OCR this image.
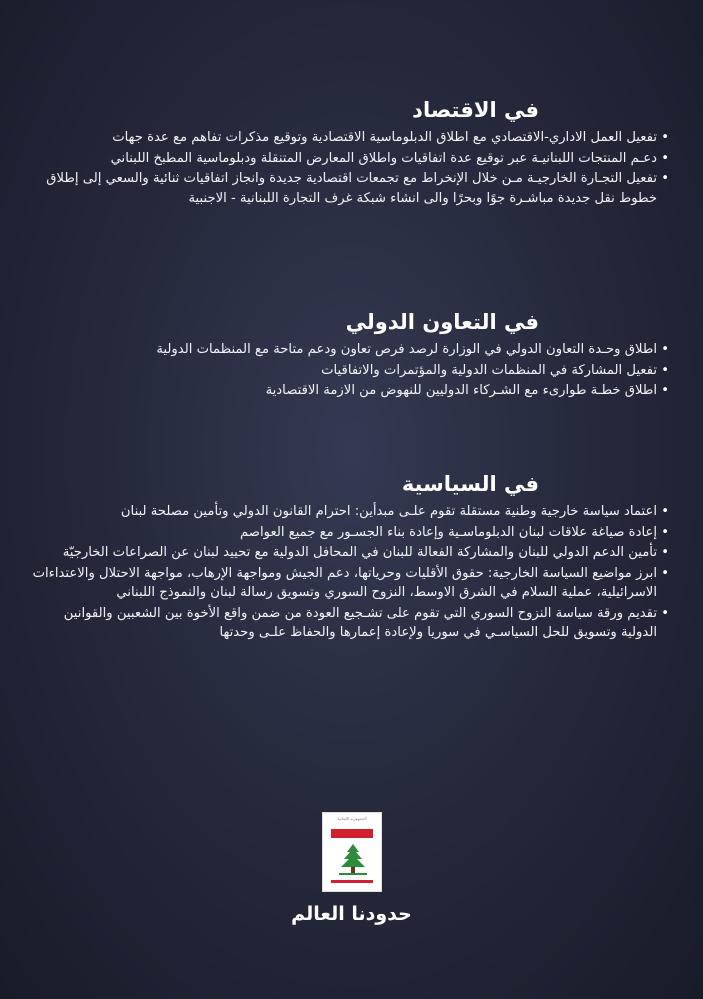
في الاقتصاد
• تفعيل العمل الاداري-الاقتصادي مع اطلاق الدبلوماسية الاقتصادية وتوقيع مذكرات تفاهم مع عدة جهات
• دعـم المنتجات اللبنانيـة عبر توقيع عدة اتفاقيات واطلاق المعارض المتنقلة ودبلوماسية المطبخ اللبناني
• تفعيل التجـارة الخارجيـة مـن خلال الإنخراط مع تجمعات اقتصادية جديدة وانجاز اتفاقيات ثنائية والسعي إلى إطلاق خطوط نقل جديدة مباشـرة جوًا وبحرًا والى انشاء شبكة غرف التجارة اللبنانية - الاجنبية
في التعاون الدولي
• اطلاق وحـدة التعاون الدولي في الوزارة لرصد فرص تعاون ودعم متاحة مع المنظمات الدولية
• تفعيل المشاركة في المنظمات الدولية والمؤتمرات والاتفاقيات
• اطلاق خطـة طوارىء مع الشـركاء الدوليين للنهوض من الازمة الاقتصادية
في السياسية
• اعتماد سياسة خارجية وطنية مستقلة تقوم علـى مبدأين: احترام القانون الدولي وتأمين مصلحة لبنان
• إعادة صياغة علاقات لبنان الدبلوماسـية وإعادة بناء الجسـور مع جميع العواصم
• تأمين الدعم الدولي للبنان والمشاركة الفعالة للبنان في المحافل الدولية مع تحييد لبنان عن الصراعات الخارجيّة
• ابرز مواضيع السياسة الخارجية: حقوق الأقليات وحرياتها، دعم الجيش ومواجهة الإرهاب، مواجهة الاحتلال والاعتداءات الاسرائيلية، عملية السلام في الشرق الاوسط، النزوح السوري وتسويق رسالة لبنان والنموذج اللبناني
• تقديم ورقة سياسة النزوح السوري التي تقوم على تشـجيع العودة من ضمن واقع الأخوة بين الشعبين والقوانين الدولية وتسويق للحل السياسـي في سوريا ولإعادة إعمارها والحفاظ علـى وحدتها
الجمهورية اللبنانية
حدودنا العالم
